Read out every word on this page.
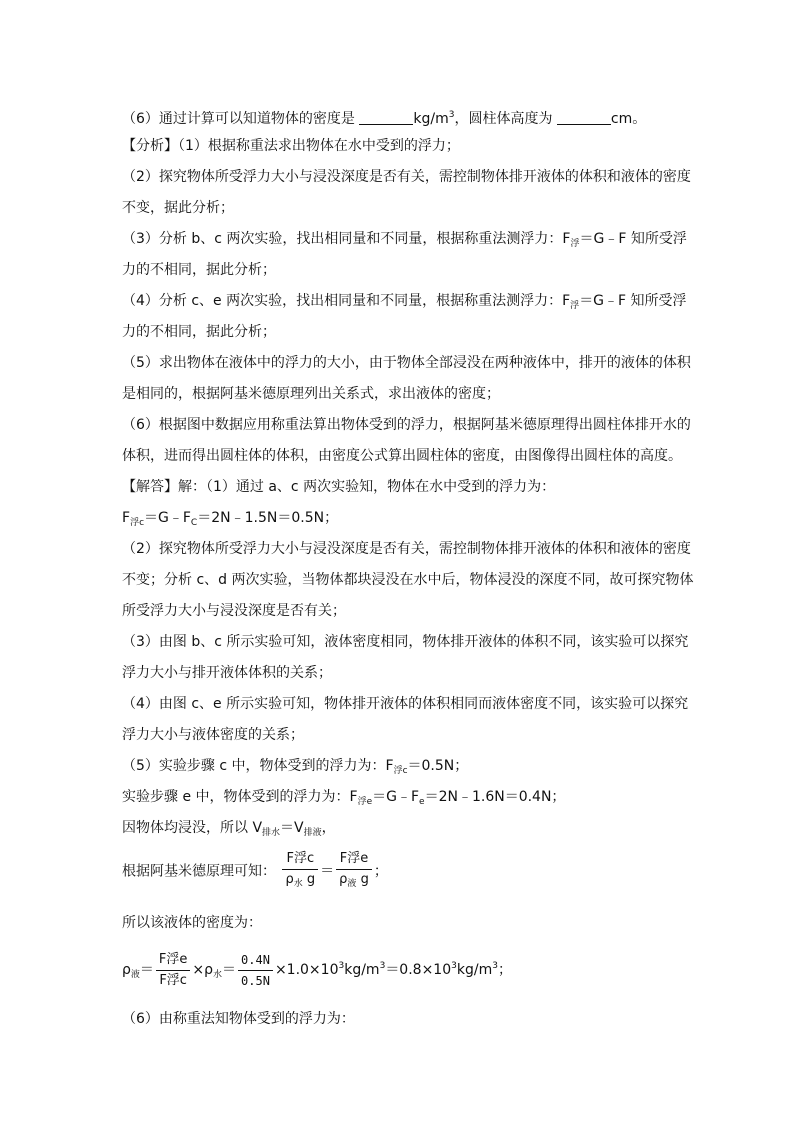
（6）通过计算可以知道物体的密度是	$kg/m^3$，圆柱体高度为	cm。
【分析】（1）根据称重法求出物体在水中受到的浮力；
（2）探究物体所受浮力大小与浸没深度是否有关，需控制物体排开液体的体积和液体的密度
不变，据此分析；
（3）分析 b、c 两次实验，找出相同量和不同量，根据称重法测浮力：$F_浮=G﹣F$ 知所受浮
力的不相同，据此分析；
（4）分析 c、e 两次实验，找出相同量和不同量，根据称重法测浮力：$F_浮=G﹣F$ 知所受浮
力的不相同，据此分析；
（5）求出物体在液体中的浮力的大小，由于物体全部浸没在两种液体中，排开的液体的体积
是相同的，根据阿基米德原理列出关系式，求出液体的密度；
（6）根据图中数据应用称重法算出物体受到的浮力，根据阿基米德原理得出圆柱体排开水的
体积，进而得出圆柱体的体积，由密度公式算出圆柱体的密度，由图像得出圆柱体的高度。
【解答】解：（1）通过 a、c 两次实验知，物体在水中受到的浮力为：
$F_{浮c}=G﹣F_C=2N﹣1.5N=0.5N$；
（2）探究物体所受浮力大小与浸没深度是否有关，需控制物体排开液体的体积和液体的密度
不变；分析 c、d 两次实验，当物体都块浸没在水中后，物体浸没的深度不同，故可探究物体
所受浮力大小与浸没深度是否有关；
（3）由图 b、c 所示实验可知，液体密度相同，物体排开液体的体积不同，该实验可以探究
浮力大小与排开液体体积的关系；
（4）由图 c、e 所示实验可知，物体排开液体的体积相同而液体密度不同，该实验可以探究
浮力大小与液体密度的关系；
（5）实验步骤 c 中，物体受到的浮力为：$F_{浮c}=0.5N$；
实验步骤 e 中，物体受到的浮力为：$F_{浮e}=G﹣F_e=2N﹣1.6N=0.4N$；
因物体均浸没，所以 $V_{排水}=V_{排液}$，
根据阿基米德原理可知： $\frac{\text{F浮c}}{\rho_水 g} = \frac{\text{F浮e}}{\rho_液 g}$ ；
所以该液体的密度为：
$\rho_液= \frac{\text{F浮e}}{\text{F浮c}} \times\rho_水= \frac{0.4N}{0.5N} \times 1.0\times 10^3kg/m^3=0.8\times 10^3kg/m^3$；
（6）由称重法知物体受到的浮力为：
